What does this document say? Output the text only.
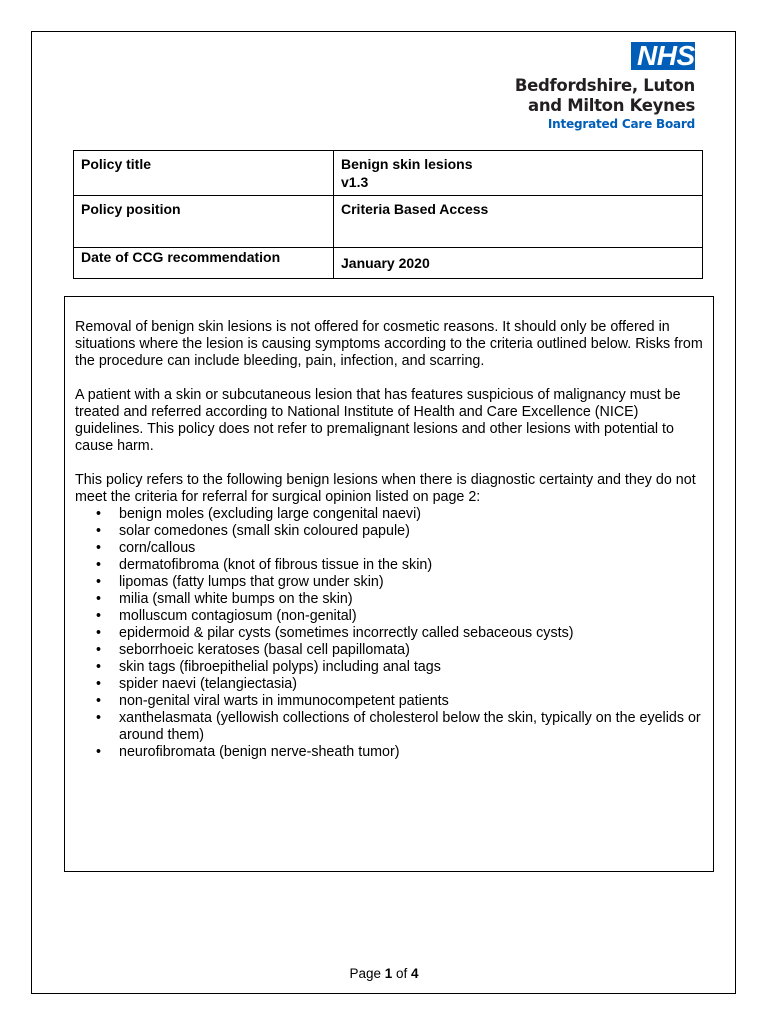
NHS
Bedfordshire, Luton
and Milton Keynes
Integrated Care Board
Policy title	Benign skin lesions
v1.3

Policy position	Criteria Based Access
Date of CCG recommendation	January 2020

Removal of benign skin lesions is not offered for cosmetic reasons. It should only be offered in situations where the lesion is causing symptoms according to the criteria outlined below. Risks from the procedure can include bleeding, pain, infection, and scarring.

A patient with a skin or subcutaneous lesion that has features suspicious of malignancy must be treated and referred according to National Institute of Health and Care Excellence (NICE) guidelines. This policy does not refer to premalignant lesions and other lesions with potential to cause harm.

This policy refers to the following benign lesions when there is diagnostic certainty and they do not meet the criteria for referral for surgical opinion listed on page 2:

• benign moles (excluding large congenital naevi)
• solar comedones (small skin coloured papule)
• corn/callous
• dermatofibroma (knot of fibrous tissue in the skin)
• lipomas (fatty lumps that grow under skin)
• milia (small white bumps on the skin)
• molluscum contagiosum (non-genital)
• epidermoid & pilar cysts (sometimes incorrectly called sebaceous cysts)
• seborrhoeic keratoses (basal cell papillomata)
• skin tags (fibroepithelial polyps) including anal tags
• spider naevi (telangiectasia)
• non-genital viral warts in immunocompetent patients
• xanthelasmata (yellowish collections of cholesterol below the skin, typically on the eyelids or around them)
• neurofibromata (benign nerve-sheath tumor)
Page 1 of 4
